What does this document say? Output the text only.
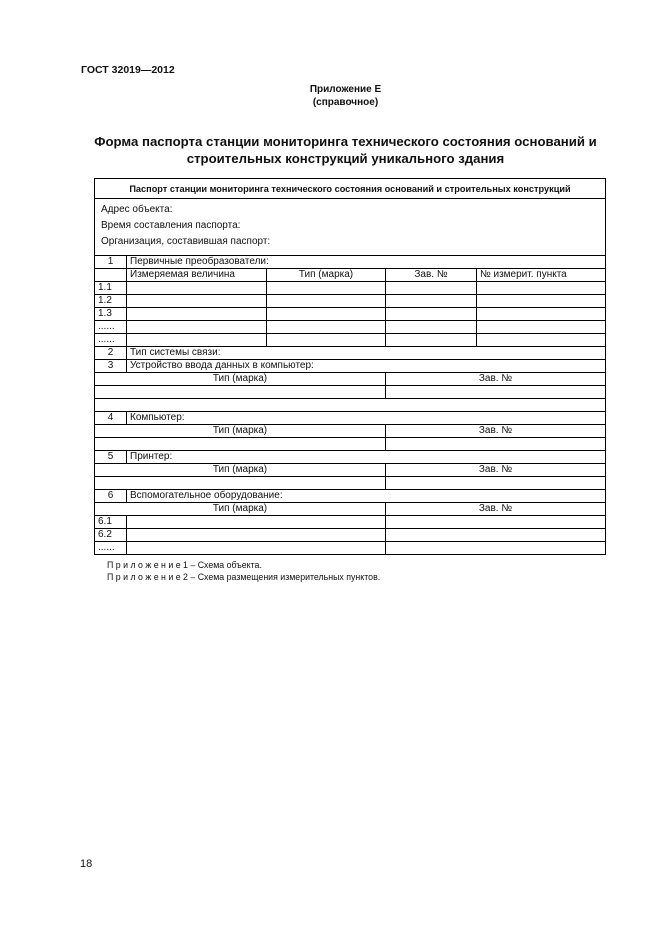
ГОСТ 32019—2012
Приложение Е
(справочное)
Форма паспорта станции мониторинга технического состояния оснований и
строительных конструкций уникального здания
Паспорт станции мониторинга технического состояния оснований и строительных конструкций				

Адрес объекта:
Время составления паспорта:
Организация, составившая паспорт:				

1	Первичные преобразователи:			
	Измеряемая величина	Тип (марка)	Зав. №	№ измерит. пункта
1.1				
1.2				
1.3				
......				
......				
2	Тип системы связи:			
3	Устройство ввода данных в компьютер:			
Тип (марка)			Зав. №	

4	Компьютер:			
Тип (марка)			Зав. №	

5	Принтер:			
Тип (марка)			Зав. №	

6	Вспомогательное оборудование:			
Тип (марка)			Зав. №	
6.1				
6.2				
......				
П р и л о ж е н и е 1 – Схема объекта.
П р и л о ж е н и е 2 – Схема размещения измерительных пунктов.
18
